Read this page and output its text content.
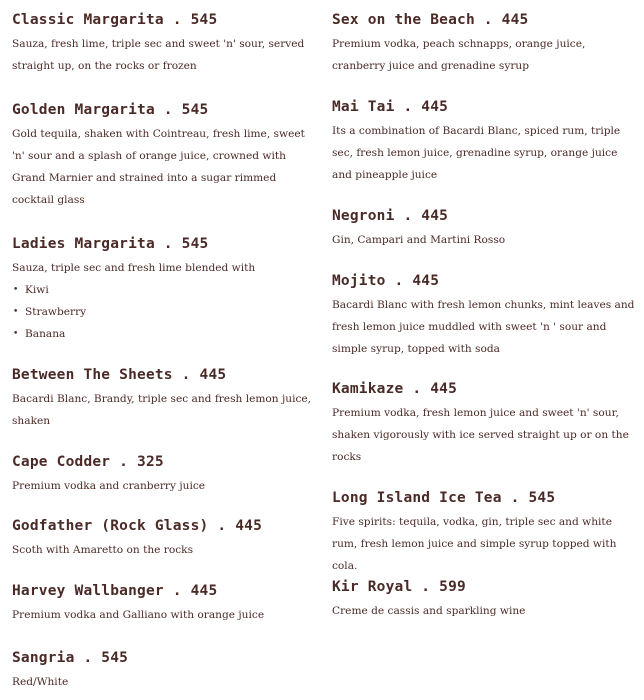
Classic Margarita . 545

Sauza, fresh lime, triple sec and sweet 'n' sour, served straight up, on the rocks or frozen

Golden Margarita . 545

Gold tequila, shaken with Cointreau, fresh lime, sweet 'n' sour and a splash of orange juice, crowned with Grand Marnier and strained into a sugar rimmed cocktail glass

Ladies Margarita . 545

Sauza, triple sec and fresh lime blended with

• Kiwi
• Strawberry
• Banana
Between The Sheets . 445

Bacardi Blanc, Brandy, triple sec and fresh lemon juice, shaken

Cape Codder . 325

Premium vodka and cranberry juice

Godfather (Rock Glass) . 445

Scoth with Amaretto on the rocks

Harvey Wallbanger . 445

Premium vodka and Galliano with orange juice

Sangria . 545

Red/White

Sex on the Beach . 445

Premium vodka, peach schnapps, orange juice, cranberry juice and grenadine syrup

Mai Tai . 445

Its a combination of Bacardi Blanc, spiced rum, triple sec, fresh lemon juice, grenadine syrup, orange juice and pineapple juice

Negroni . 445

Gin, Campari and Martini Rosso

Mojito . 445

Bacardi Blanc with fresh lemon chunks, mint leaves and fresh lemon juice muddled with sweet 'n ' sour and simple syrup, topped with soda

Kamikaze . 445

Premium vodka, fresh lemon juice and sweet 'n' sour, shaken vigorously with ice served straight up or on the rocks

Long Island Ice Tea . 545

Five spirits: tequila, vodka, gin, triple sec and white rum, fresh lemon juice and simple syrup topped with cola.

Kir Royal . 599

Creme de cassis and sparkling wine
